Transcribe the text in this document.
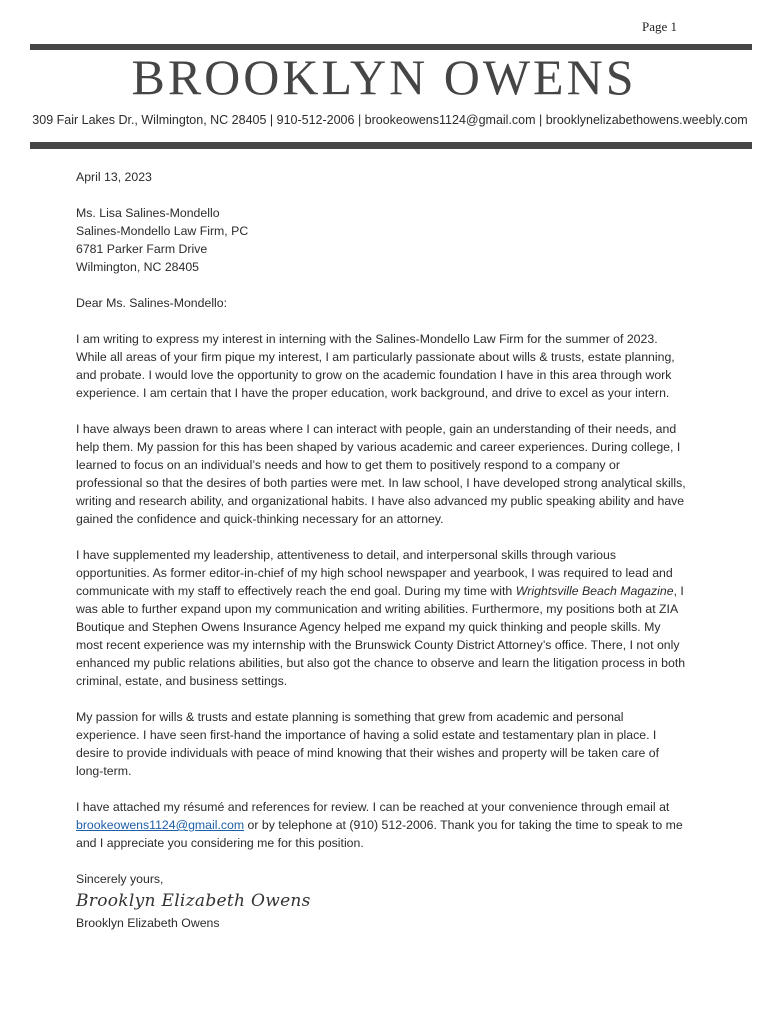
Page 1
BROOKLYN OWENS
309 Fair Lakes Dr., Wilmington, NC 28405 | 910-512-2006 | brookeowens1124@gmail.com | brooklynelizabethowens.weebly.com

April 13, 2023

Ms. Lisa Salines-Mondello
Salines-Mondello Law Firm, PC
6781 Parker Farm Drive
Wilmington, NC 28405

Dear Ms. Salines-Mondello:

I am writing to express my interest in interning with the Salines-Mondello Law Firm for the summer of 2023. While all areas of your firm pique my interest, I am particularly passionate about wills & trusts, estate planning, and probate. I would love the opportunity to grow on the academic foundation I have in this area through work experience. I am certain that I have the proper education, work background, and drive to excel as your intern.

I have always been drawn to areas where I can interact with people, gain an understanding of their needs, and help them. My passion for this has been shaped by various academic and career experiences. During college, I learned to focus on an individual’s needs and how to get them to positively respond to a company or professional so that the desires of both parties were met. In law school, I have developed strong analytical skills, writing and research ability, and organizational habits. I have also advanced my public speaking ability and have gained the confidence and quick-thinking necessary for an attorney.

I have supplemented my leadership, attentiveness to detail, and interpersonal skills through various opportunities. As former editor-in-chief of my high school newspaper and yearbook, I was required to lead and communicate with my staff to effectively reach the end goal. During my time with Wrightsville Beach Magazine, I was able to further expand upon my communication and writing abilities. Furthermore, my positions both at ZIA Boutique and Stephen Owens Insurance Agency helped me expand my quick thinking and people skills. My most recent experience was my internship with the Brunswick County District Attorney’s office. There, I not only enhanced my public relations abilities, but also got the chance to observe and learn the litigation process in both criminal, estate, and business settings.

My passion for wills & trusts and estate planning is something that grew from academic and personal experience. I have seen first-hand the importance of having a solid estate and testamentary plan in place. I desire to provide individuals with peace of mind knowing that their wishes and property will be taken care of long-term.

I have attached my résumé and references for review. I can be reached at your convenience through email at brookeowens1124@gmail.com or by telephone at (910) 512-2006. Thank you for taking the time to speak to me and I appreciate you considering me for this position.

Sincerely yours,

Brooklyn Elizabeth Owens

Brooklyn Elizabeth Owens
